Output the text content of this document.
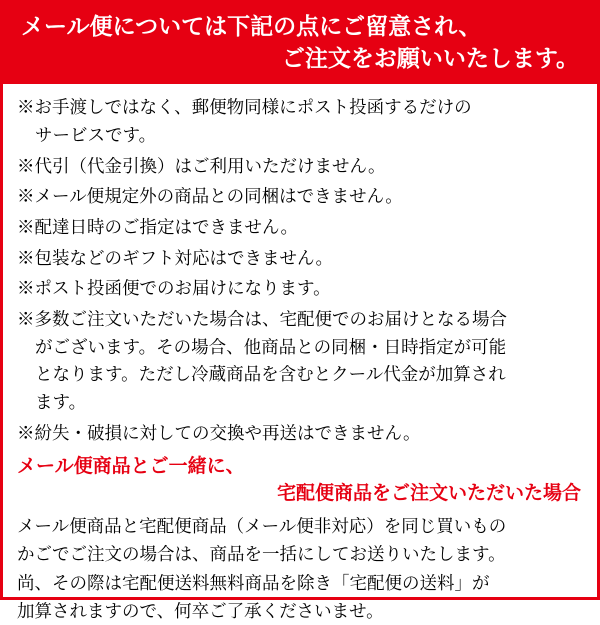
メール便については下記の点にご留意され、
ご注文をお願いいたします。

※お手渡しではなく、郵便物同様にポスト投函するだけの
サービスです。

※代引（代金引換）はご利用いただけません。

※メール便規定外の商品との同梱はできません。

※配達日時のご指定はできません。

※包装などのギフト対応はできません。

※ポスト投函便でのお届けになります。

※多数ご注文いただいた場合は、宅配便でのお届けとなる場合
がございます。その場合、他商品との同梱・日時指定が可能
となります。ただし冷蔵商品を含むとクール代金が加算され
ます。

※紛失・破損に対しての交換や再送はできません。

メール便商品とご一緒に、
宅配便商品をご注文いただいた場合

メール便商品と宅配便商品（メール便非対応）を同じ買いもの
かごでご注文の場合は、商品を一括にしてお送りいたします。
尚、その際は宅配便送料無料商品を除き「宅配便の送料」が
加算されますので、何卒ご了承くださいませ。
